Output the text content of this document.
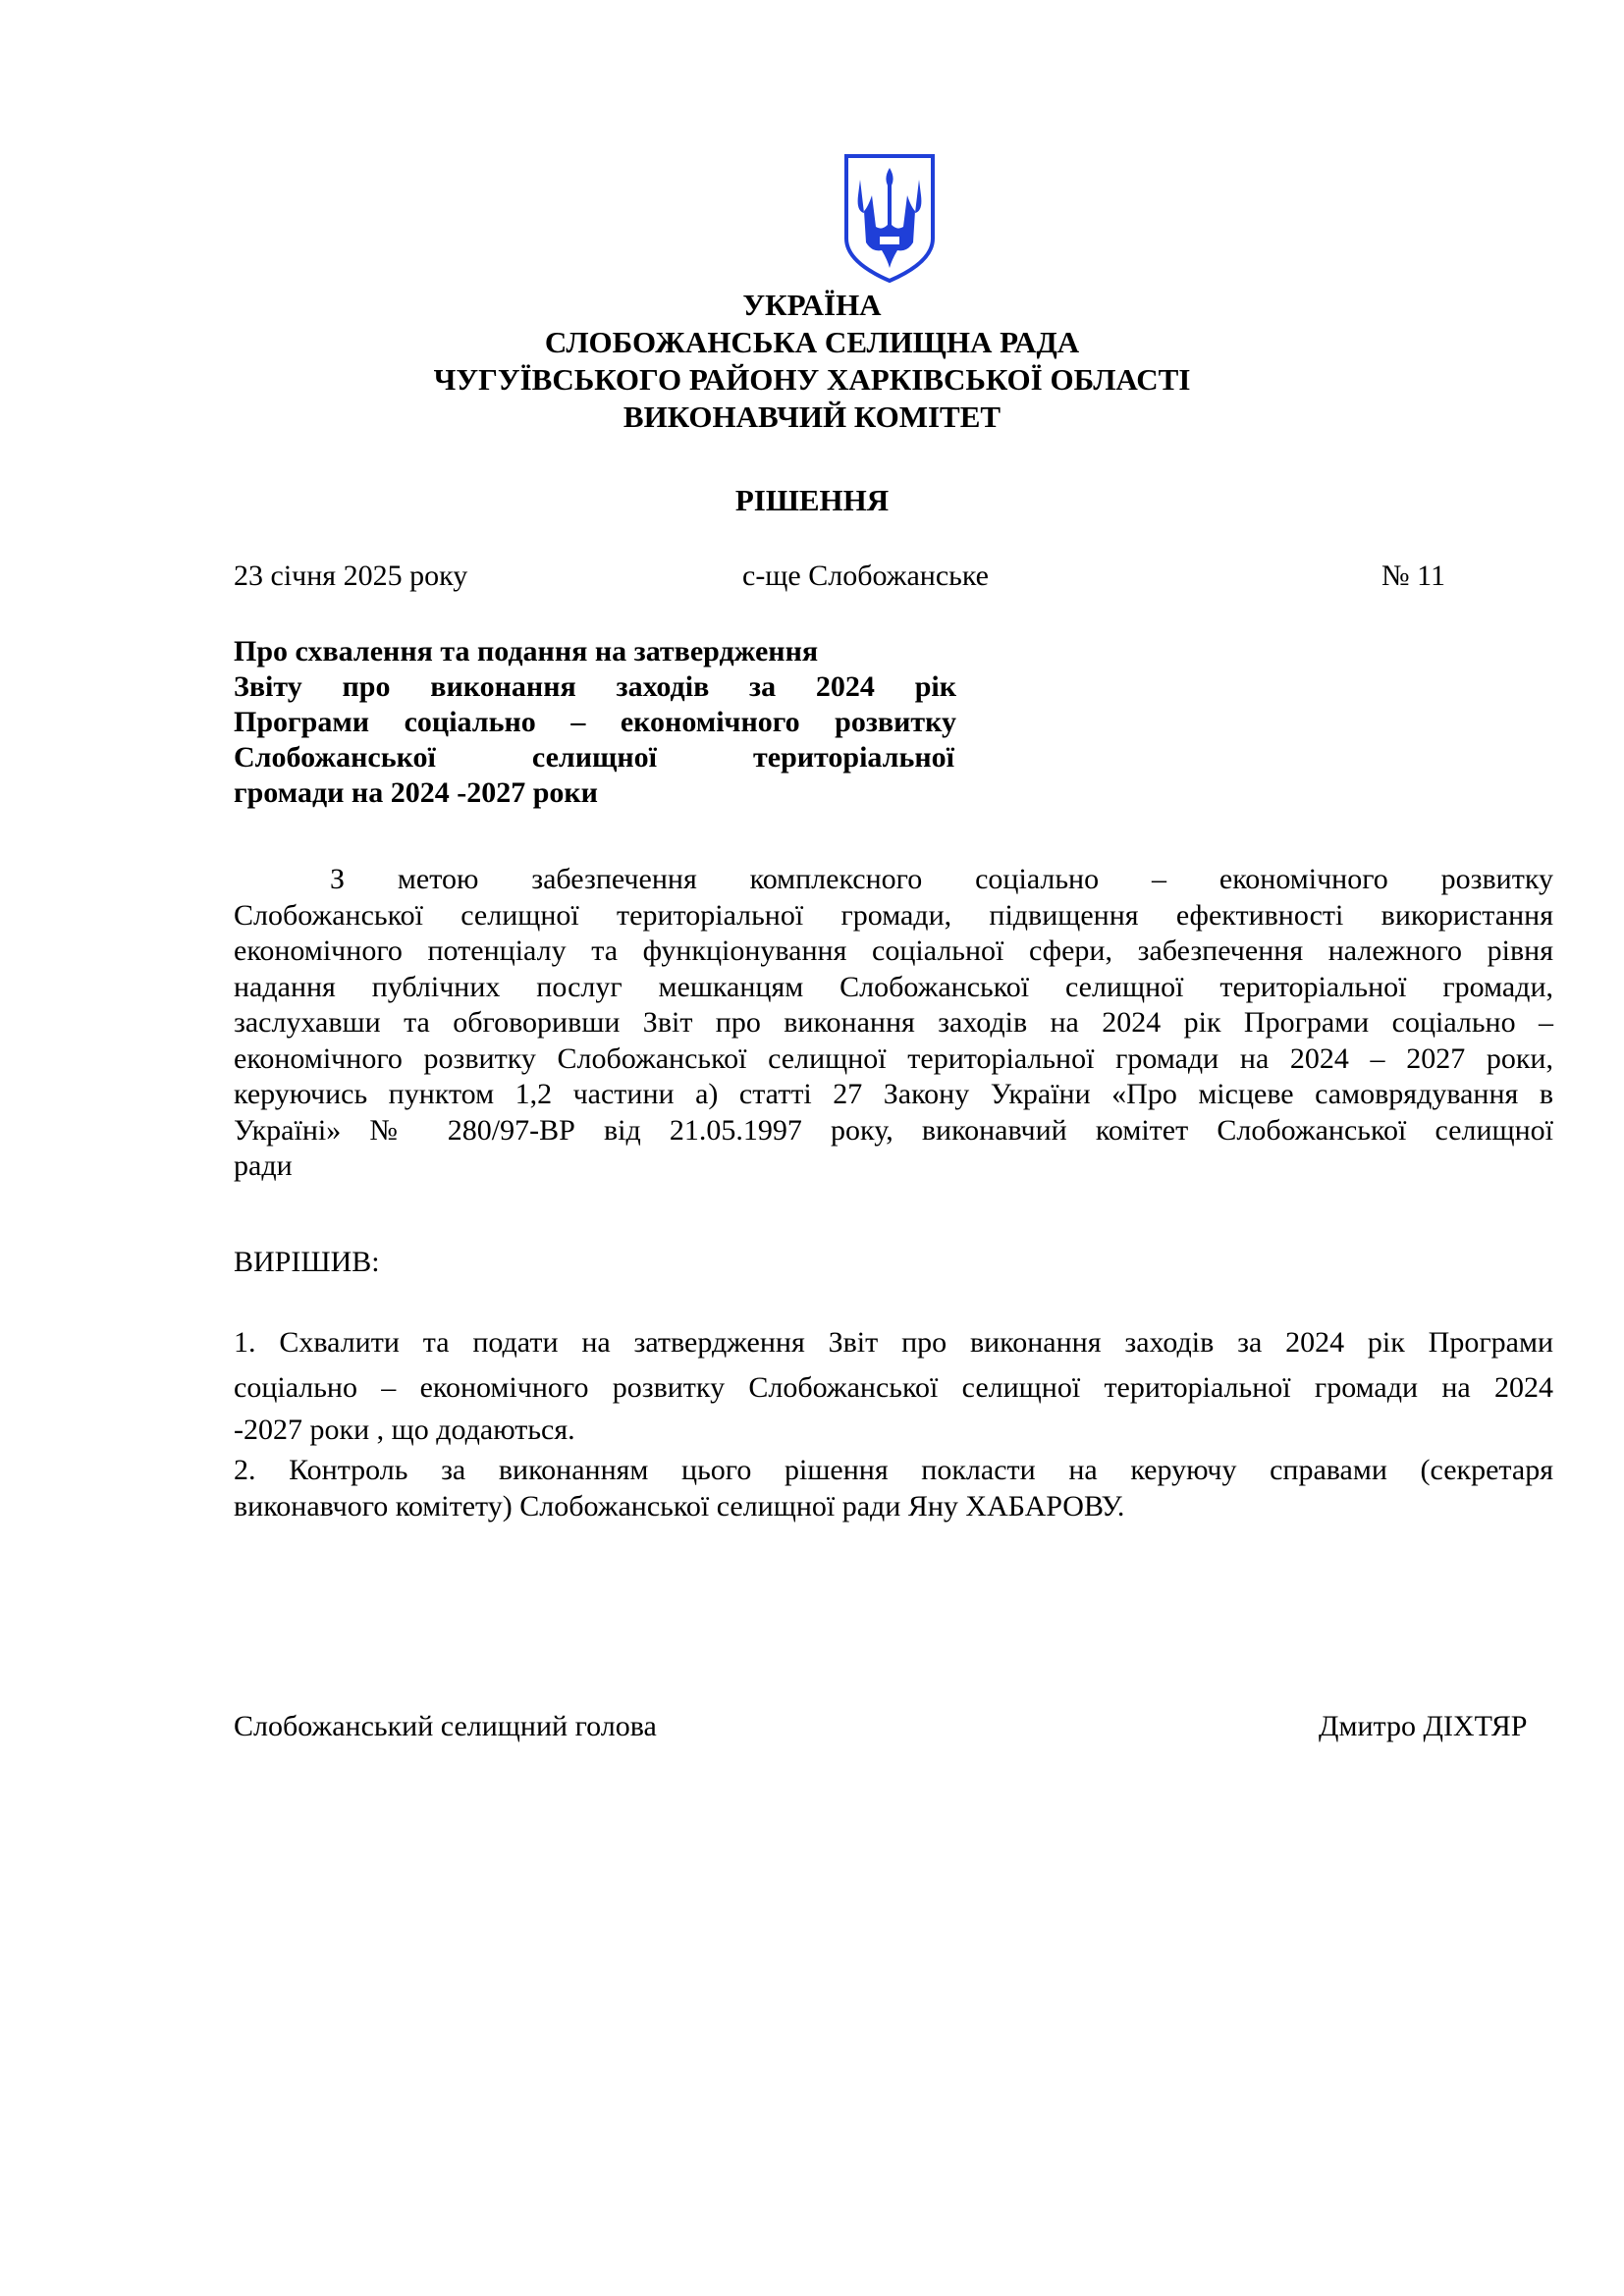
УКРАЇНА
СЛОБОЖАНСЬКА СЕЛИЩНА РАДА
ЧУГУЇВСЬКОГО РАЙОНУ ХАРКІВСЬКОЇ ОБЛАСТІ
ВИКОНАВЧИЙ КОМІТЕТ
РІШЕННЯ
23 січня 2025 року	с-ще Слобожанське	№ 11
Про схвалення та подання на затвердження
Звіту про виконання заходів за 2024 рік
Програми соціально – економічного розвитку
Слобожанської селищної територіальної
громади на 2024 -2027 роки
З метою забезпечення комплексного соціально – економічного розвитку
Слобожанської селищної територіальної громади, підвищення ефективності використання
економічного потенціалу та функціонування соціальної сфери, забезпечення належного рівня
надання публічних послуг мешканцям Слобожанської селищної територіальної громади,
заслухавши та обговоривши Звіт про виконання заходів на 2024 рік Програми соціально –
економічного розвитку Слобожанської селищної територіальної громади на 2024 – 2027 роки,
керуючись пунктом 1,2 частини а) статті 27 Закону України «Про місцеве самоврядування в
Україні» № 280/97-ВР від 21.05.1997 року, виконавчий комітет Слобожанської селищної
ради
ВИРІШИВ:
1. Схвалити та подати на затвердження Звіт про виконання заходів за 2024 рік Програми
соціально – економічного розвитку Слобожанської селищної територіальної громади на 2024
-2027 роки , що додаються.
2. Контроль за виконанням цього рішення покласти на керуючу справами (секретаря
виконавчого комітету) Слобожанської селищної ради Яну ХАБАРОВУ.
Слобожанський селищний голова	Дмитро ДІХТЯР
